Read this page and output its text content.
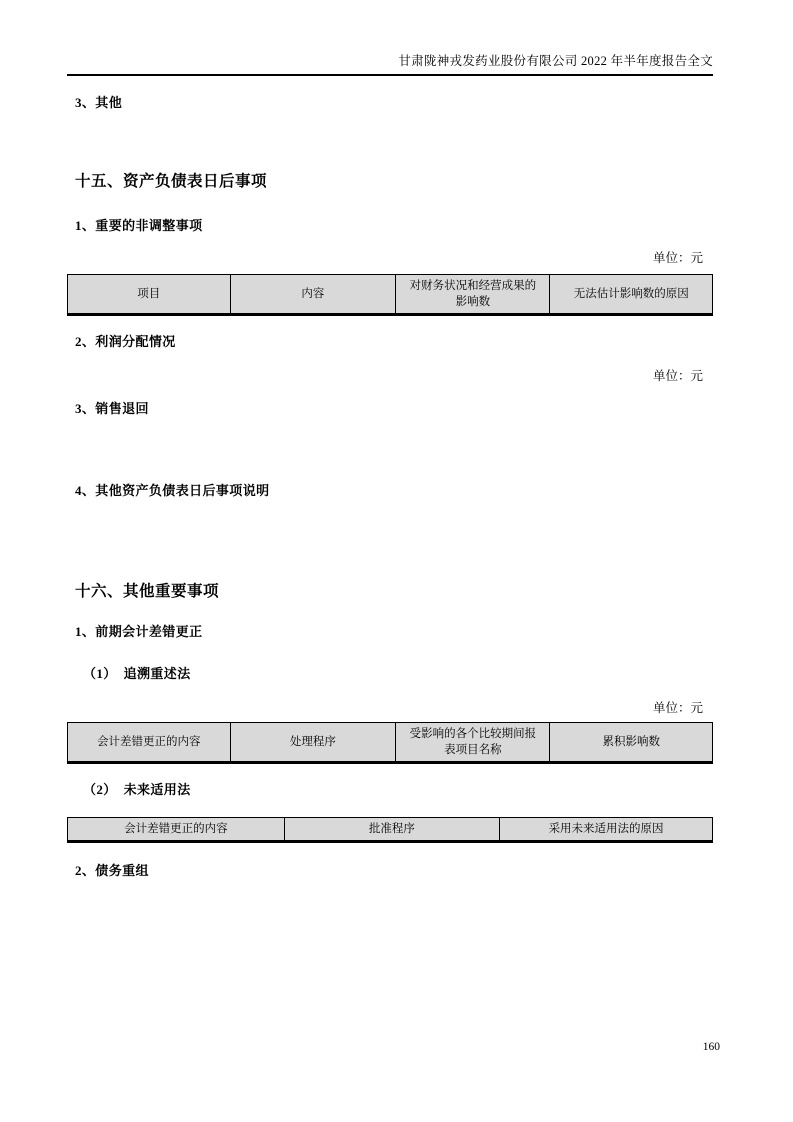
甘肃陇神戎发药业股份有限公司 2022 年半年度报告全文
3、其他
十五、资产负债表日后事项
1、重要的非调整事项
单位：元
项目	内容	对财务状况和经营成果的影响数	无法估计影响数的原因
2、利润分配情况
单位：元
3、销售退回
4、其他资产负债表日后事项说明
十六、其他重要事项
1、前期会计差错更正
（1）　追溯重述法
单位：元
会计差错更正的内容	处理程序	受影响的各个比较期间报表项目名称	累积影响数
（2）　未来适用法
会计差错更正的内容	批准程序	采用未来适用法的原因
2、债务重组
160
